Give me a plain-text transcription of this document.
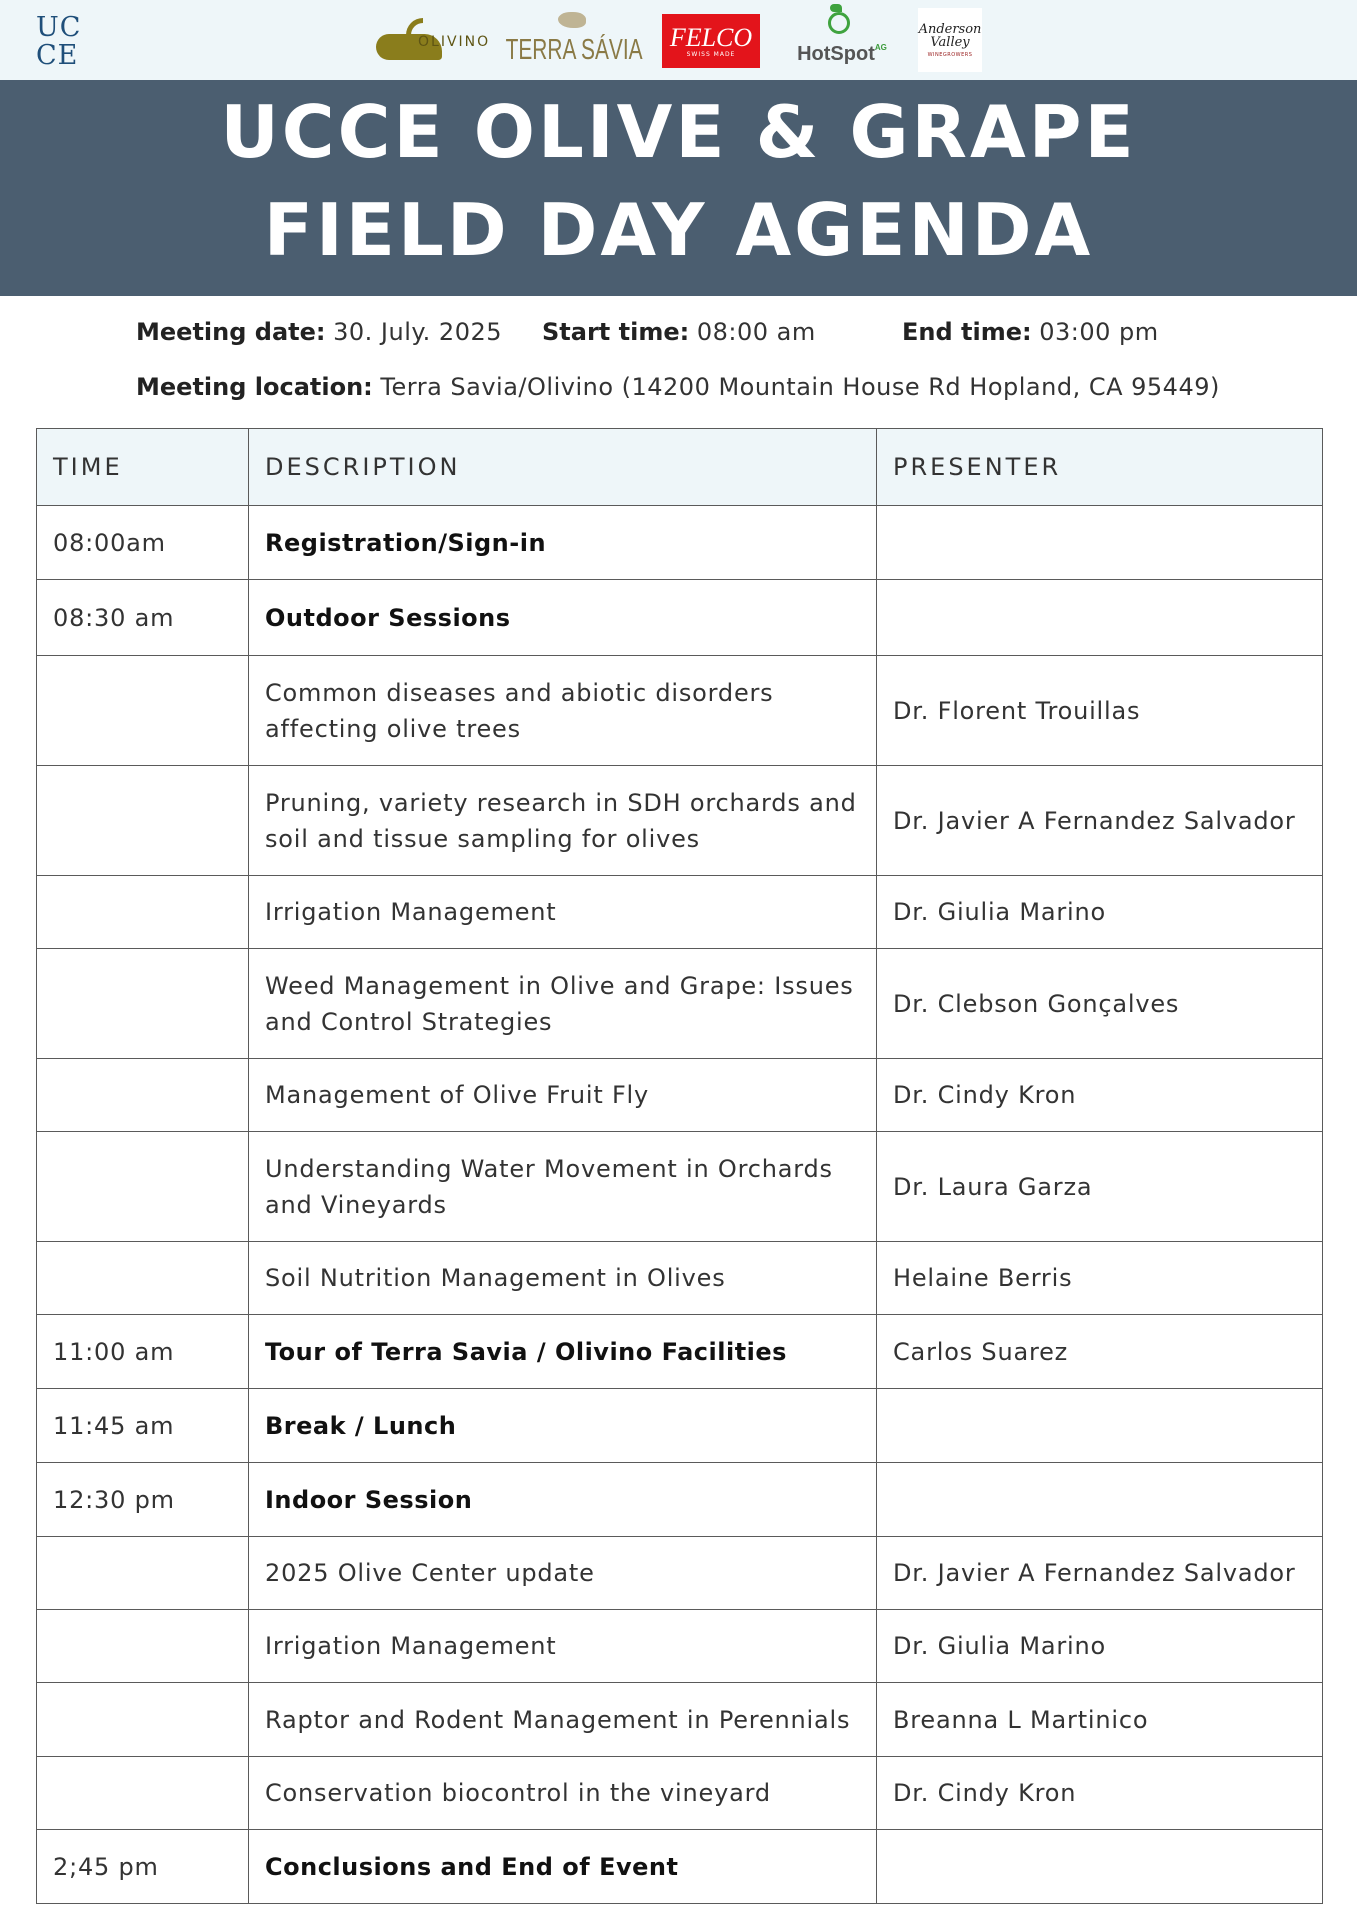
UC
CE	OLIVINO TERRA SÁVIA FELCO
SWISS MADE	HotSpot$^{AG}$
Anderson Valley
WINEGROWERS
UCCE OLIVE & GRAPE
FIELD DAY AGENDA
Meeting date: 30. July. 2025 Start time: 08:00 am	End time: 03:00 pm
Meeting location: Terra Savia/Olivino (14200 Mountain House Rd Hopland, CA 95449)
TIME	DESCRIPTION	PRESENTER
08:00am	Registration/Sign-in	

08:30 am	Outdoor Sessions	

	Common diseases and abiotic disorders
affecting olive trees	Dr. Florent Trouillas

	Pruning, variety research in SDH orchards and
soil and tissue sampling for olives	Dr. Javier A Fernandez Salvador

	Irrigation Management	Dr. Giulia Marino

	Weed Management in Olive and Grape: Issues
and Control Strategies	Dr. Clebson Gonçalves

	Management of Olive Fruit Fly	Dr. Cindy Kron

	Understanding Water Movement in Orchards
and Vineyards	Dr. Laura Garza

	Soil Nutrition Management in Olives	Helaine Berris
11:00 am	Tour of Terra Savia / Olivino Facilities	Carlos Suarez
11:45 am	Break / Lunch	

12:30 pm	Indoor Session	

	2025 Olive Center update	Dr. Javier A Fernandez Salvador

	Irrigation Management	Dr. Giulia Marino

	Raptor and Rodent Management in Perennials	Breanna L Martinico

	Conservation biocontrol in the vineyard	Dr. Cindy Kron
2;45 pm	Conclusions and End of Event	
